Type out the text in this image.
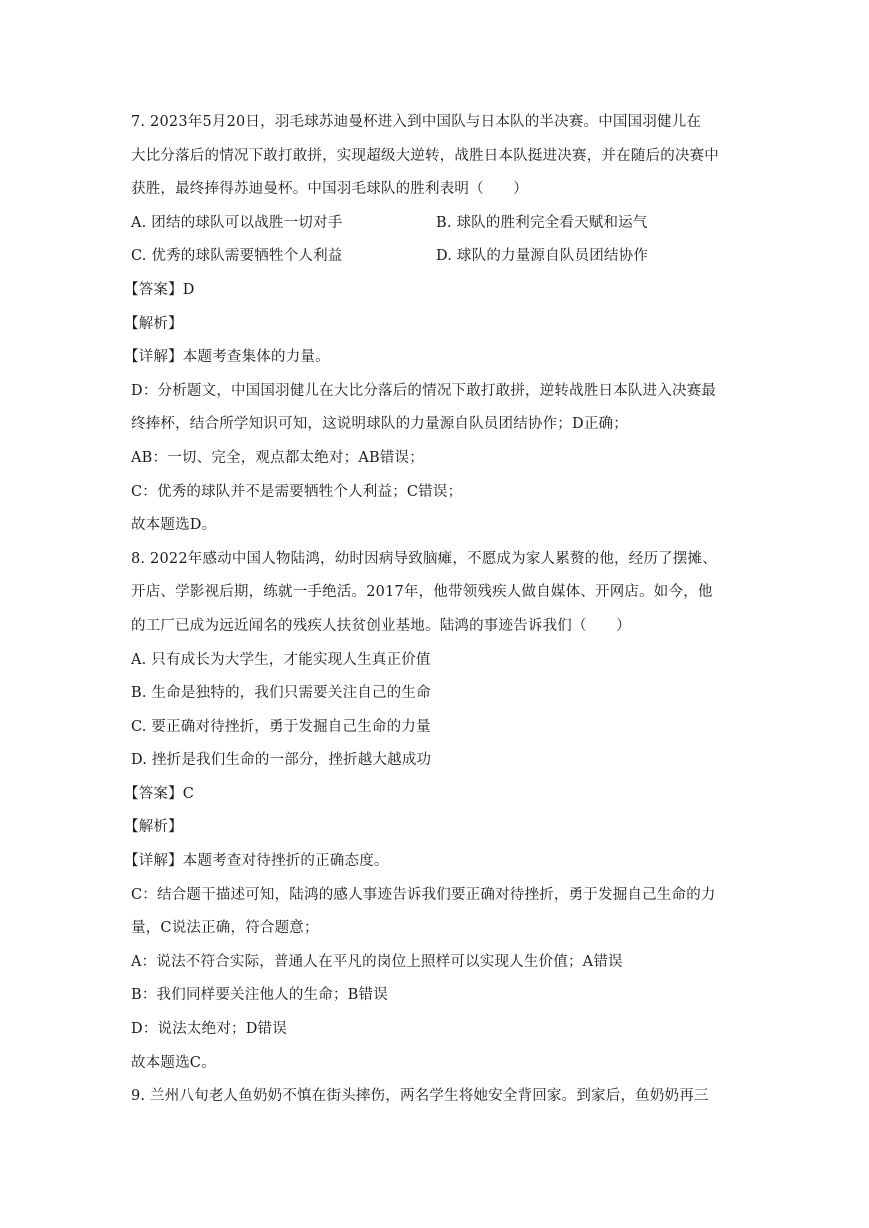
7. 2023年5月20日，羽毛球苏迪曼杯进入到中国队与日本队的半决赛。中国国羽健儿在
大比分落后的情况下敢打敢拼，实现超级大逆转，战胜日本队挺进决赛，并在随后的决赛中
获胜，最终捧得苏迪曼杯。中国羽毛球队的胜利表明（　　）
A. 团结的球队可以战胜一切对手	B. 球队的胜利完全看天赋和运气
C. 优秀的球队需要牺牲个人利益	D. 球队的力量源自队员团结协作
【答案】D
【解析】
【详解】本题考查集体的力量。
D：分析题文，中国国羽健儿在大比分落后的情况下敢打敢拼，逆转战胜日本队进入决赛最
终捧杯，结合所学知识可知，这说明球队的力量源自队员团结协作；D正确；
AB：一切、完全，观点都太绝对；AB错误；
C：优秀的球队并不是需要牺牲个人利益；C错误；
故本题选D。
8. 2022年感动中国人物陆鸿，幼时因病导致脑瘫，不愿成为家人累赘的他，经历了摆摊、
开店、学影视后期，练就一手绝活。2017年，他带领残疾人做自媒体、开网店。如今，他
的工厂已成为远近闻名的残疾人扶贫创业基地。陆鸿的事迹告诉我们（　　）
A. 只有成长为大学生，才能实现人生真正价值
B. 生命是独特的，我们只需要关注自己的生命
C. 要正确对待挫折，勇于发掘自己生命的力量
D. 挫折是我们生命的一部分，挫折越大越成功
【答案】C
【解析】
【详解】本题考查对待挫折的正确态度。
C：结合题干描述可知，陆鸿的感人事迹告诉我们要正确对待挫折，勇于发掘自己生命的力
量，C说法正确，符合题意；
A：说法不符合实际，普通人在平凡的岗位上照样可以实现人生价值；A错误
B：我们同样要关注他人的生命；B错误
D：说法太绝对；D错误
故本题选C。
9. 兰州八旬老人鱼奶奶不慎在街头摔伤，两名学生将她安全背回家。到家后，鱼奶奶再三
